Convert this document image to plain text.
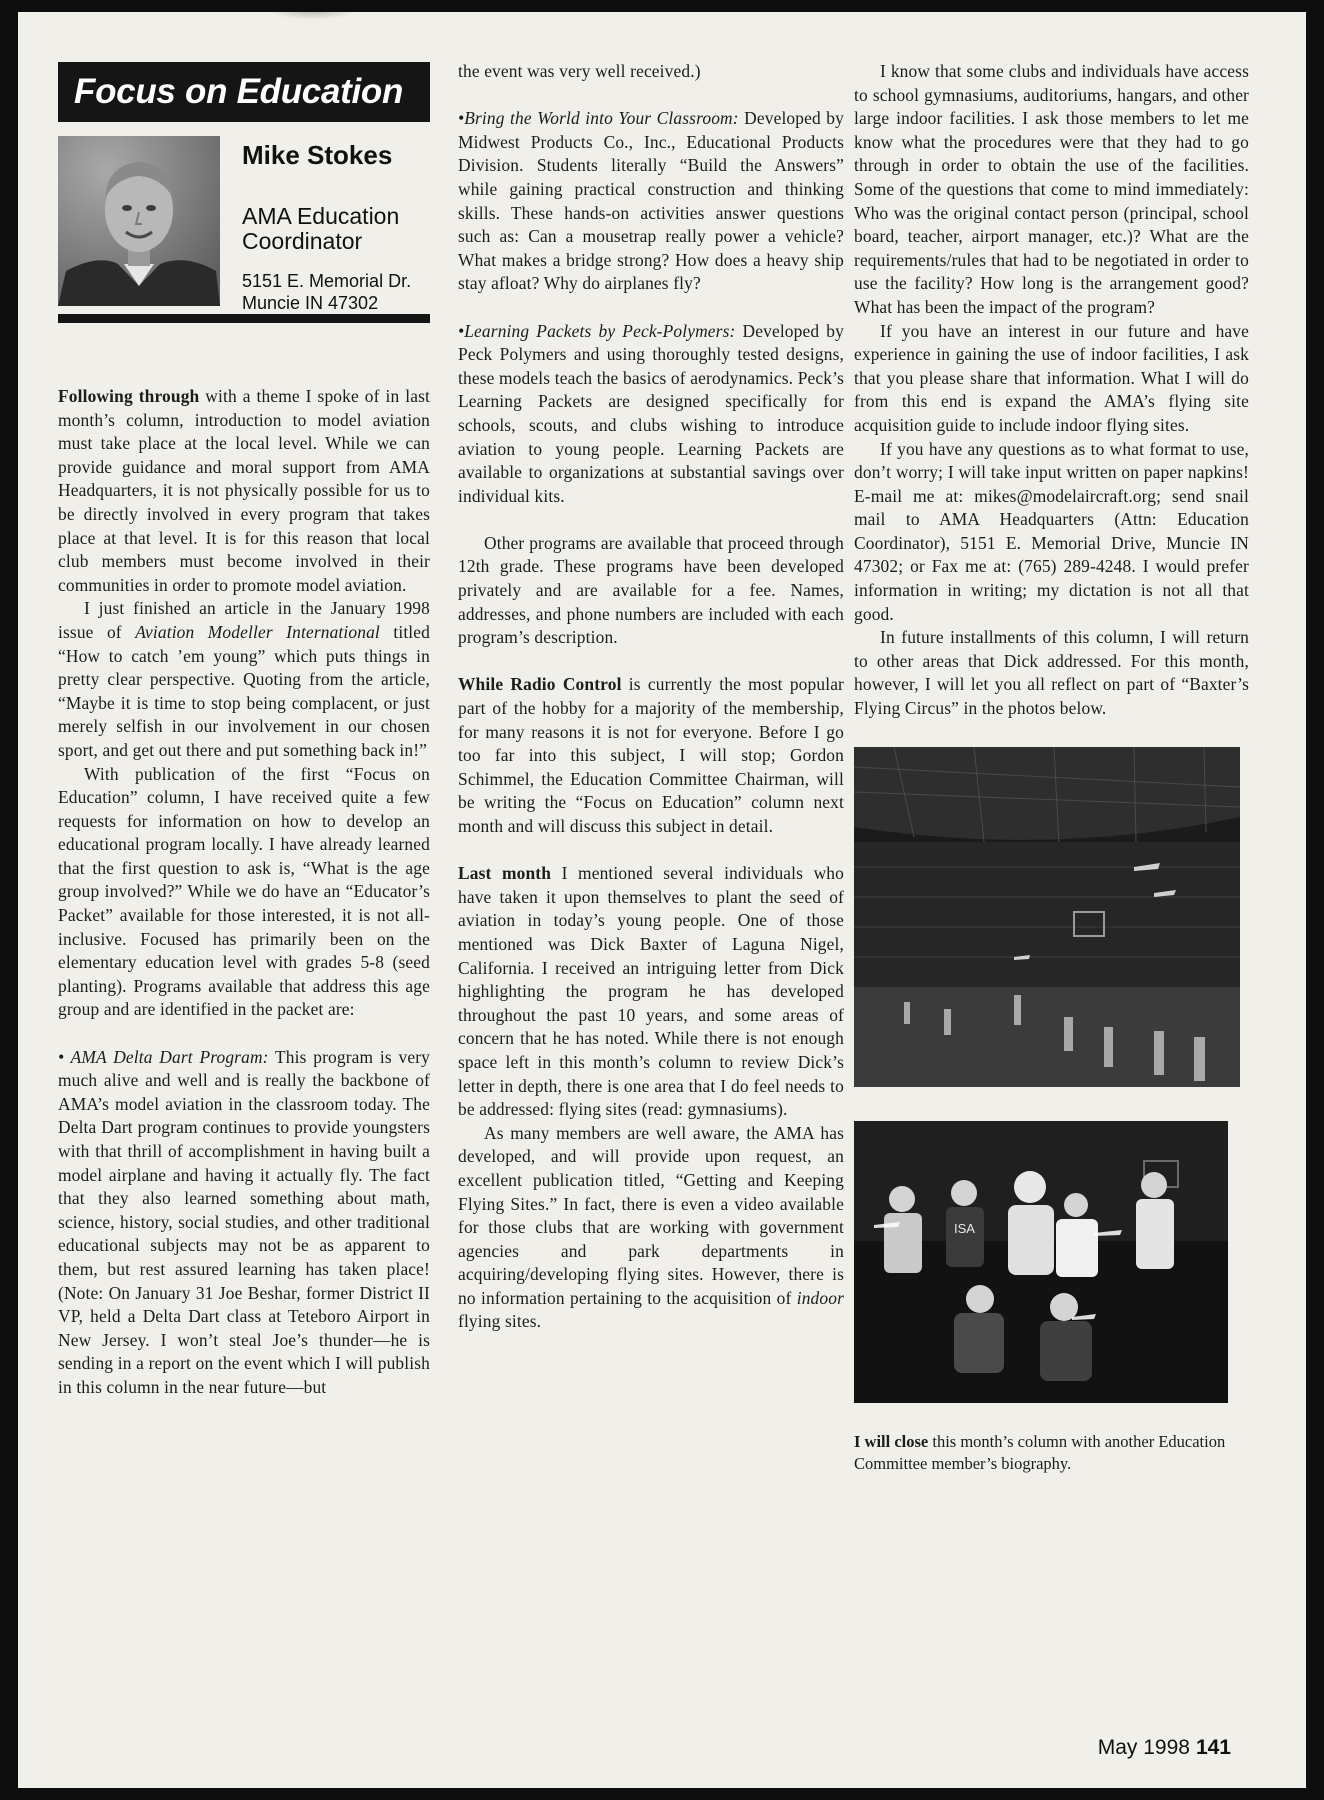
Focus on Education
Mike Stokes
AMA Education Coordinator
5151 E. Memorial Dr.
Muncie IN 47302

Following through with a theme I spoke of in last month’s column, introduction to model aviation must take place at the local level. While we can provide guidance and moral support from AMA Headquarters, it is not physically possible for us to be directly involved in every program that takes place at that level. It is for this reason that local club members must become involved in their communities in order to promote model aviation.

I just finished an article in the January 1998 issue of Aviation Modeller International titled “How to catch ’em young” which puts things in pretty clear perspective. Quoting from the article, “Maybe it is time to stop being complacent, or just merely selfish in our involvement in our chosen sport, and get out there and put something back in!”

With publication of the first “Focus on Education” column, I have received quite a few requests for information on how to develop an educational program locally. I have already learned that the first question to ask is, “What is the age group involved?” While we do have an “Educator’s Packet” available for those interested, it is not all-inclusive. Focused has primarily been on the elementary education level with grades 5-8 (seed planting). Programs available that address this age group and are identified in the packet are:

• AMA Delta Dart Program: This program is very much alive and well and is really the backbone of AMA’s model aviation in the classroom today. The Delta Dart program continues to provide youngsters with that thrill of accomplishment in having built a model airplane and having it actually fly. The fact that they also learned something about math, science, history, social studies, and other traditional educational subjects may not be as apparent to them, but rest assured learning has taken place! (Note: On January 31 Joe Beshar, former District II VP, held a Delta Dart class at Teteboro Airport in New Jersey. I won’t steal Joe’s thunder—he is sending in a report on the event which I will publish in this column in the near future—but

the event was very well received.)

•Bring the World into Your Classroom: Developed by Midwest Products Co., Inc., Educational Products Division. Students literally “Build the Answers” while gaining practical construction and thinking skills. These hands-on activities answer questions such as: Can a mousetrap really power a vehicle? What makes a bridge strong? How does a heavy ship stay afloat? Why do airplanes fly?

•Learning Packets by Peck-Polymers: Developed by Peck Polymers and using thoroughly tested designs, these models teach the basics of aerodynamics. Peck’s Learning Packets are designed specifically for schools, scouts, and clubs wishing to introduce aviation to young people. Learning Packets are available to organizations at substantial savings over individual kits.

Other programs are available that proceed through 12th grade. These programs have been developed privately and are available for a fee. Names, addresses, and phone numbers are included with each program’s description.

While Radio Control is currently the most popular part of the hobby for a majority of the membership, for many reasons it is not for everyone. Before I go too far into this subject, I will stop; Gordon Schimmel, the Education Committee Chairman, will be writing the “Focus on Education” column next month and will discuss this subject in detail.

Last month I mentioned several individuals who have taken it upon themselves to plant the seed of aviation in today’s young people. One of those mentioned was Dick Baxter of Laguna Nigel, California. I received an intriguing letter from Dick highlighting the program he has developed throughout the past 10 years, and some areas of concern that he has noted. While there is not enough space left in this month’s column to review Dick’s letter in depth, there is one area that I do feel needs to be addressed: flying sites (read: gymnasiums).

As many members are well aware, the AMA has developed, and will provide upon request, an excellent publication titled, “Getting and Keeping Flying Sites.” In fact, there is even a video available for those clubs that are working with government agencies and park departments in acquiring/developing flying sites. However, there is no information pertaining to the acquisition of indoor flying sites.

I know that some clubs and individuals have access to school gymnasiums, auditoriums, hangars, and other large indoor facilities. I ask those members to let me know what the procedures were that they had to go through in order to obtain the use of the facilities. Some of the questions that come to mind immediately: Who was the original contact person (principal, school board, teacher, airport manager, etc.)? What are the requirements/rules that had to be negotiated in order to use the facility? How long is the arrangement good? What has been the impact of the program?

If you have an interest in our future and have experience in gaining the use of indoor facilities, I ask that you please share that information. What I will do from this end is expand the AMA’s flying site acquisition guide to include indoor flying sites.

If you have any questions as to what format to use, don’t worry; I will take input written on paper napkins! E-mail me at: mikes@modelaircraft.org; send snail mail to AMA Headquarters (Attn: Education Coordinator), 5151 E. Memorial Drive, Muncie IN 47302; or Fax me at: (765) 289-4248. I would prefer information in writing; my dictation is not all that good.

In future installments of this column, I will return to other areas that Dick addressed. For this month, however, I will let you all reflect on part of “Baxter’s Flying Circus” in the photos below.

ISA
I will close this month’s column with another Education Committee member’s biography.
May 1998 141
